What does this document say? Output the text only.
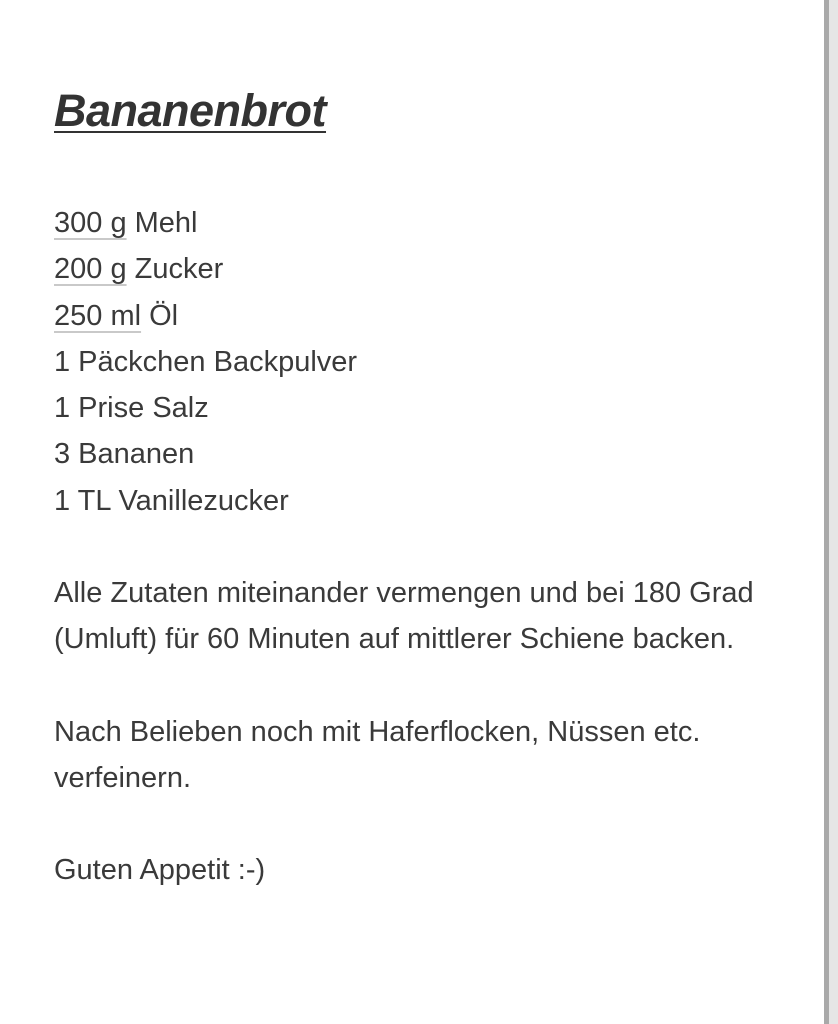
Bananenbrot
300 g Mehl
200 g Zucker
250 ml Öl
1 Päckchen Backpulver
1 Prise Salz
3 Bananen
1 TL Vanillezucker

Alle Zutaten miteinander vermengen und bei 180 Grad (Umluft) für 60 Minuten auf mittlerer Schiene backen.

Nach Belieben noch mit Haferflocken, Nüssen etc. verfeinern.

Guten Appetit :-)
